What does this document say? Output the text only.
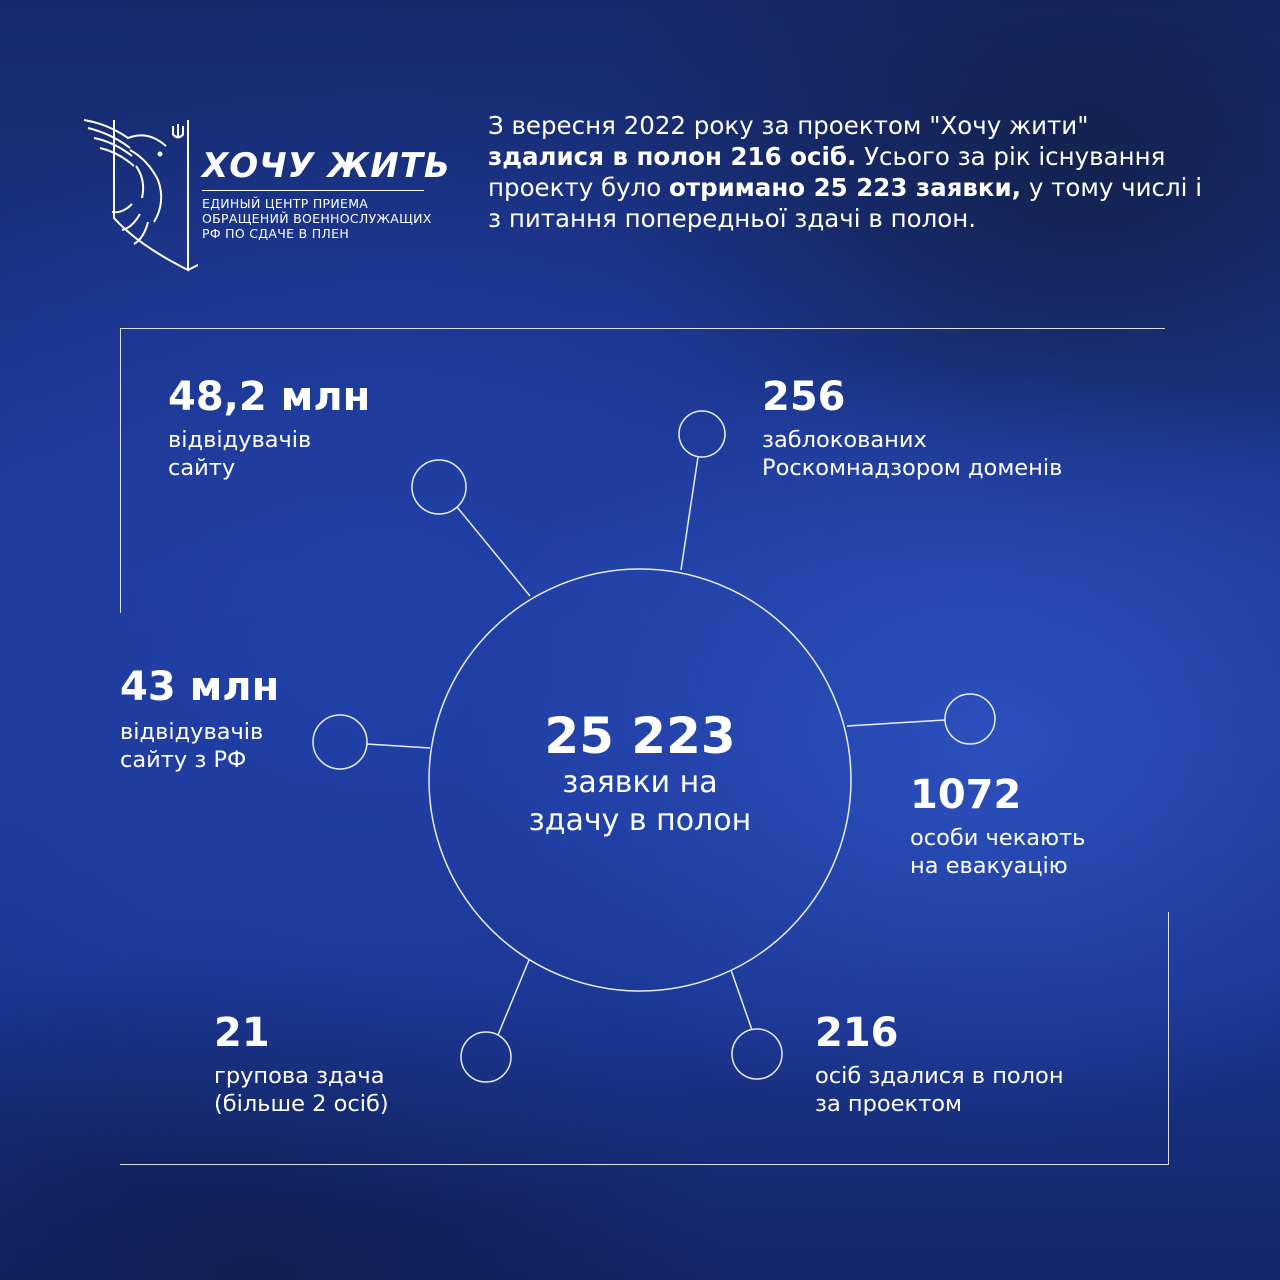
ХОЧУ ЖИТЬ
ЕДИНЫЙ ЦЕНТР ПРИЕМА
ОБРАЩЕНИЙ ВОЕННОСЛУЖАЩИХ
РФ ПО СДАЧЕ В ПЛЕН
З вересня 2022 року за проектом "Хочу жити" здалися в полон 216 осіб. Усього за рік існування проекту було отримано 25 223 заявки, у тому числі і з питання попередньої здачі в полон.
25 223
заявки на
здачу в полон
48,2 млн
відвідувачів
сайту
256
заблокованих
Роскомнадзором доменів
43 млн
відвідувачів
сайту з РФ
1072
особи чекають
на евакуацію
21
групова здача
(більше 2 осіб)
216
осіб здалися в полон
за проектом
